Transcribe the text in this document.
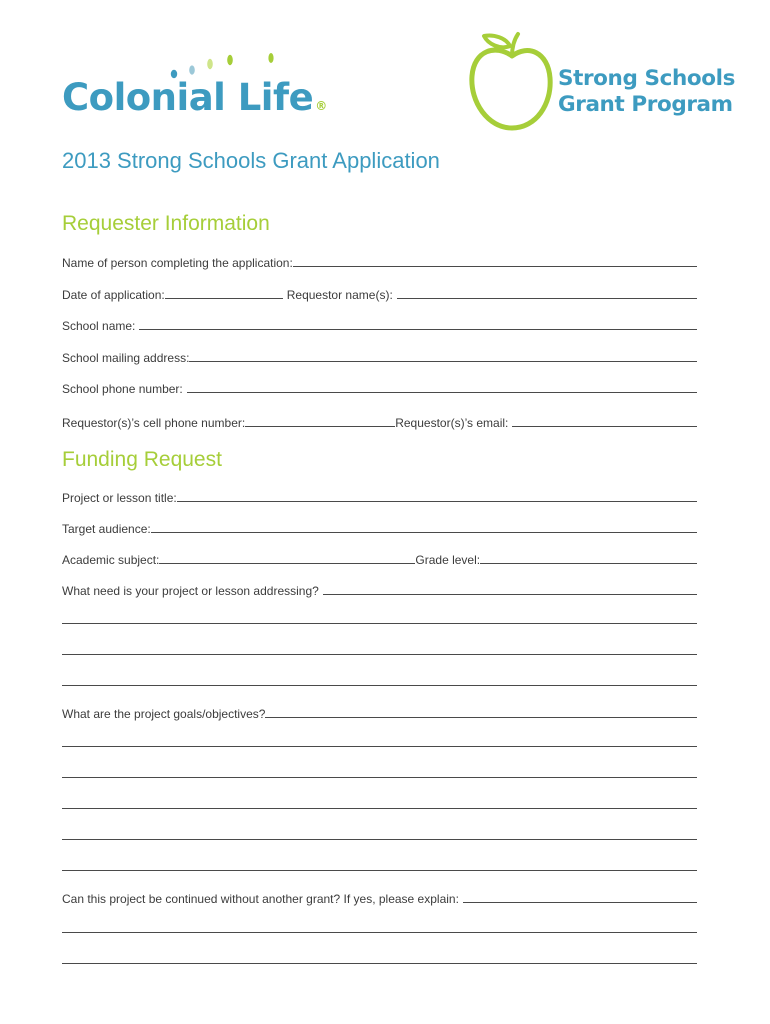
Colonial Life ®
Strong Schools
Grant Program
2013 Strong Schools Grant Application
Requester Information
Name of person completing the application:
Date of application:	Requestor name(s):
School name:
School mailing address:
School phone number:
Requestor(s)’s cell phone number:	Requestor(s)’s email:
Funding Request
Project or lesson title:
Target audience:
Academic subject:	Grade level:
What need is your project or lesson addressing?
What are the project goals/objectives?
Can this project be continued without another grant? If yes, please explain:
